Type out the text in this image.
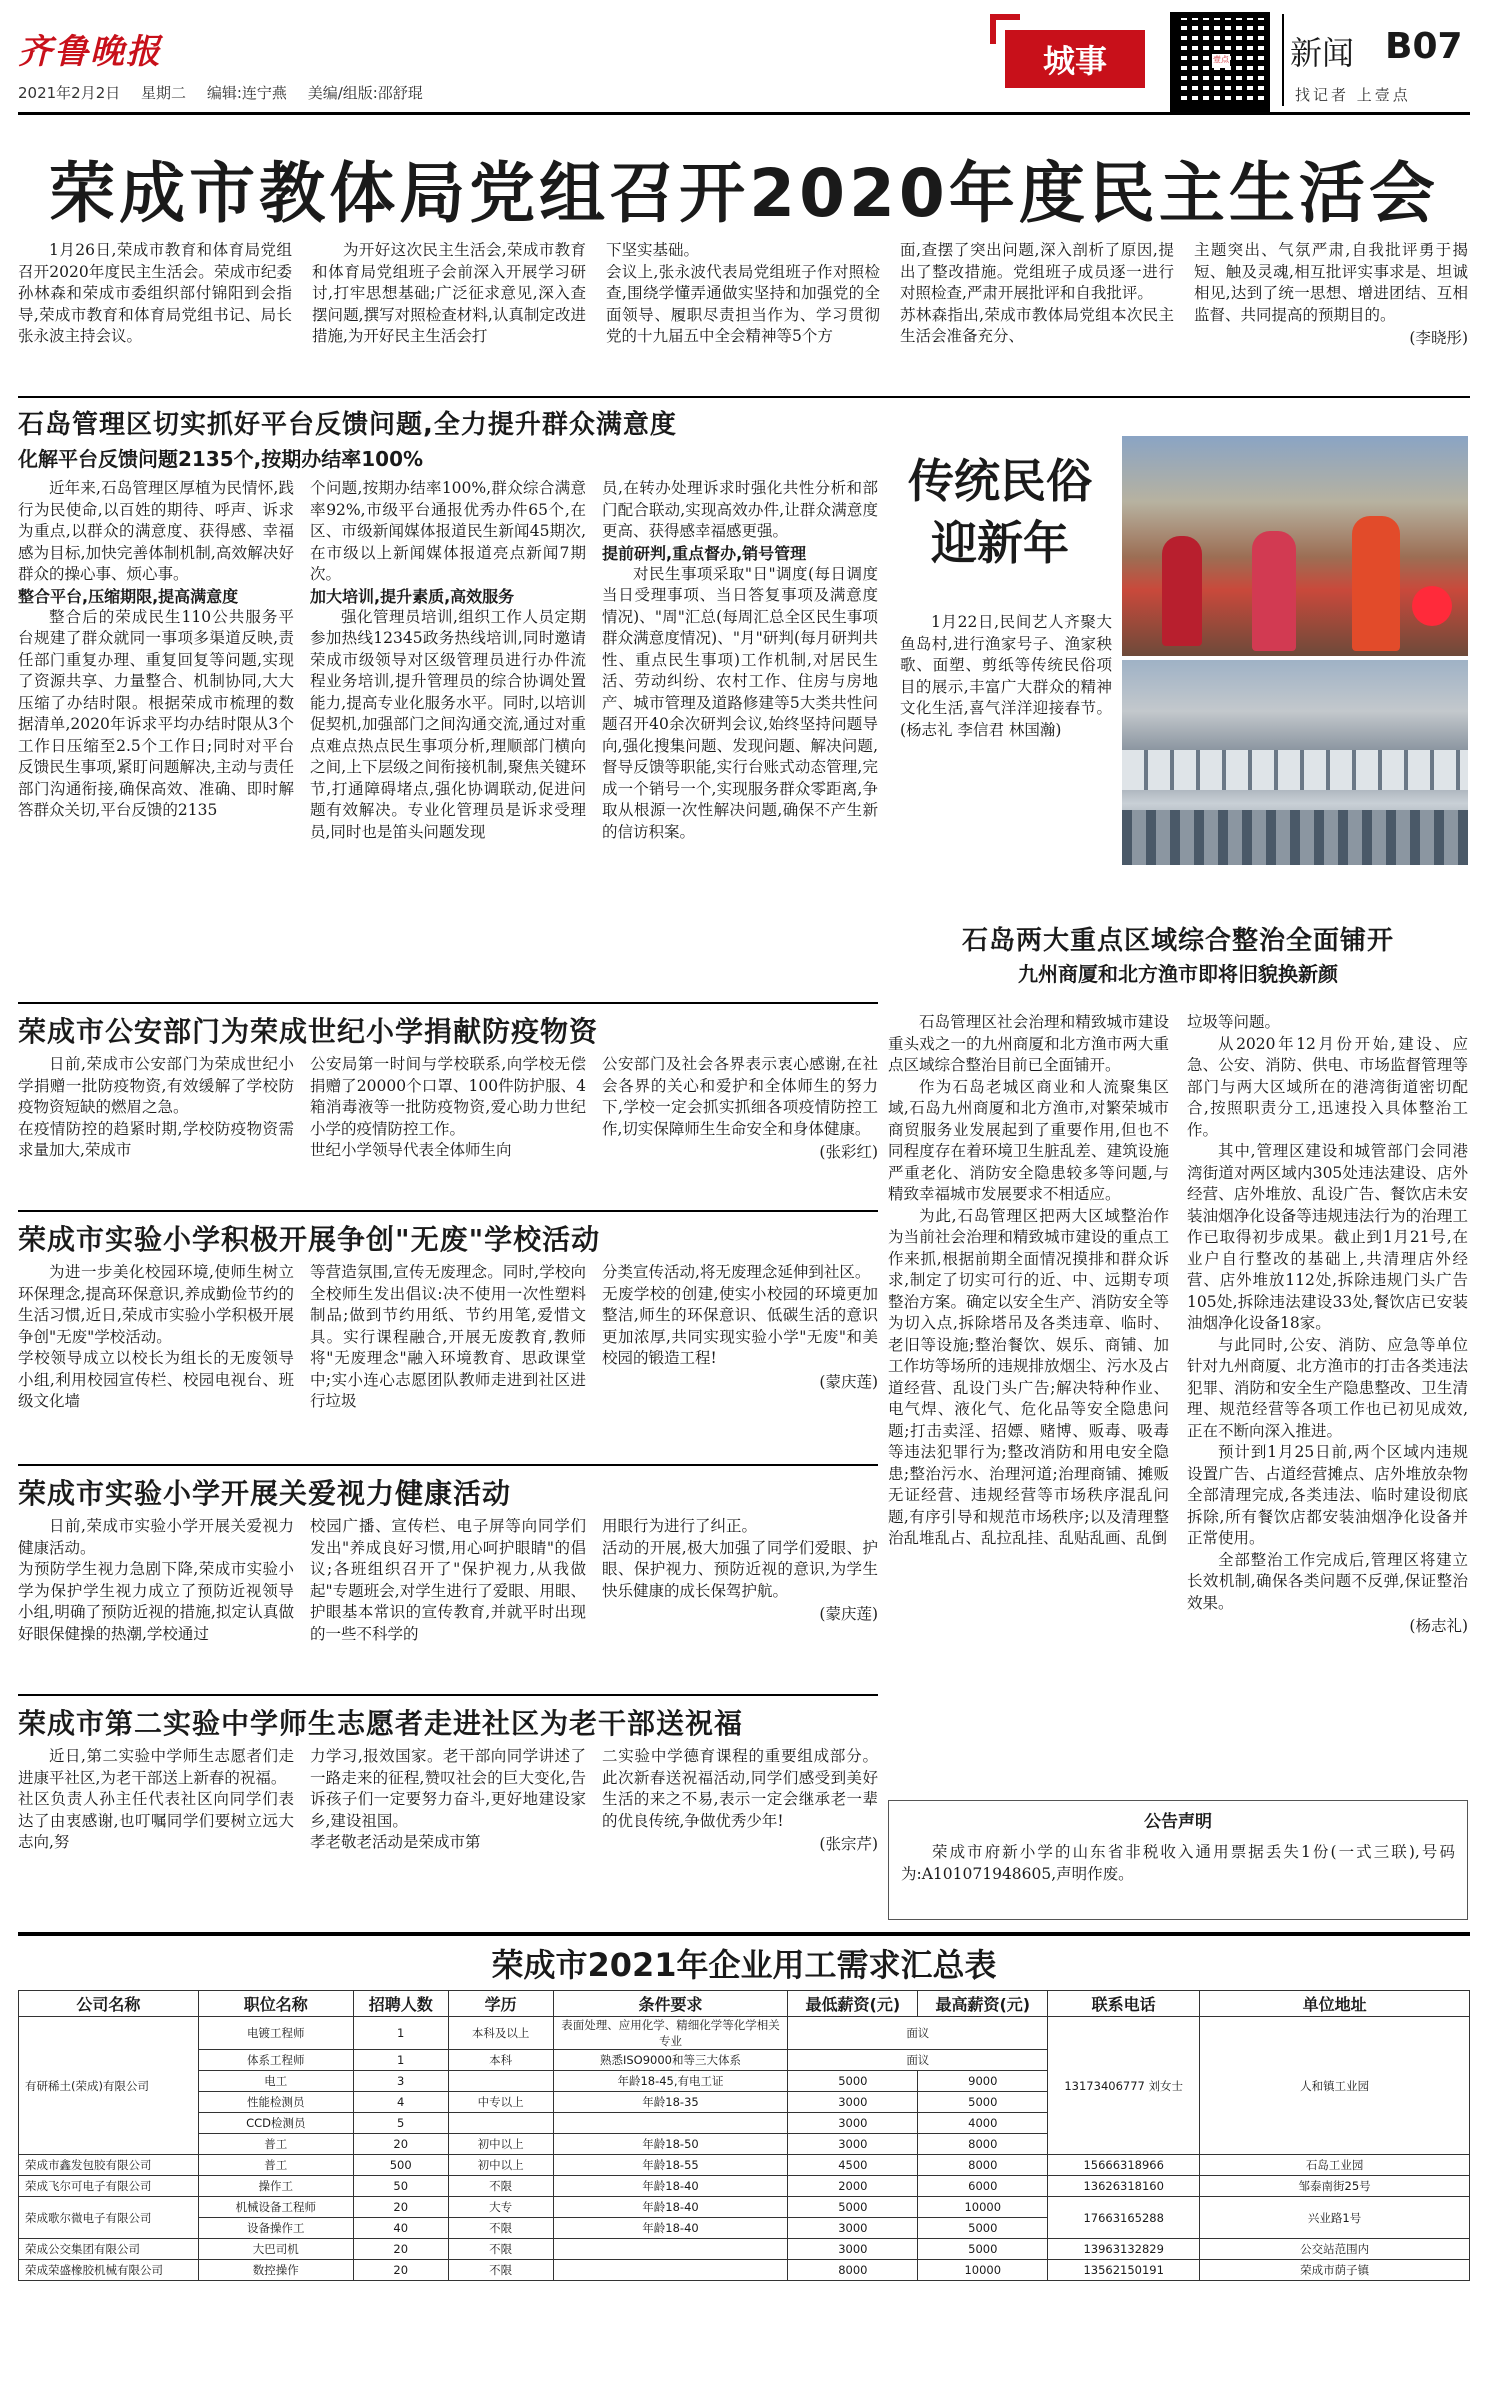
齐鲁晚报
2021年2月2日 星期二 编辑:连宁燕 美编/组版:邵舒琨
城事	壹点 新闻 B07
找记者 上壹点
荣成市教体局党组召开2020年度民主生活会
1月26日,荣成市教育和体育局党组召开2020年度民主生活会。荣成市纪委孙林森和荣成市委组织部付锦阳到会指导,荣成市教育和体育局党组书记、局长张永波主持会议。
为开好这次民主生活会,荣成市教育和体育局党组班子会前深入开展学习研讨,打牢思想基础;广泛征求意见,深入查摆问题,撰写对照检查材料,认真制定改进措施,为开好民主生活会打
下坚实基础。
会议上,张永波代表局党组班子作对照检查,围绕学懂弄通做实坚持和加强党的全面领导、履职尽责担当作为、学习贯彻党的十九届五中全会精神等5个方
面,查摆了突出问题,深入剖析了原因,提出了整改措施。党组班子成员逐一进行对照检查,严肃开展批评和自我批评。
苏林森指出,荣成市教体局党组本次民主生活会准备充分、
主题突出、气氛严肃,自我批评勇于揭短、触及灵魂,相互批评实事求是、坦诚相见,达到了统一思想、增进团结、互相监督、共同提高的预期目的。
(李晓彤)
石岛管理区切实抓好平台反馈问题,全力提升群众满意度
化解平台反馈问题2135个,按期办结率100%

近年来,石岛管理区厚植为民情怀,践行为民使命,以百姓的期待、呼声、诉求为重点,以群众的满意度、获得感、幸福感为目标,加快完善体制机制,高效解决好群众的操心事、烦心事。

整合平台,压缩期限,提高满意度

整合后的荣成民生110公共服务平台规建了群众就同一事项多渠道反映,责任部门重复办理、重复回复等问题,实现了资源共享、力量整合、机制协同,大大压缩了办结时限。根据荣成市梳理的数据清单,2020年诉求平均办结时限从3个工作日压缩至2.5个工作日;同时对平台反馈民生事项,紧盯问题解决,主动与责任部门沟通衔接,确保高效、准确、即时解答群众关切,平台反馈的2135

个问题,按期办结率100%,群众综合满意率92%,市级平台通报优秀办件65个,在区、市级新闻媒体报道民生新闻45期次,在市级以上新闻媒体报道亮点新闻7期次。

加大培训,提升素质,高效服务

强化管理员培训,组织工作人员定期参加热线12345政务热线培训,同时邀请荣成市级领导对区级管理员进行办件流程业务培训,提升管理员的综合协调处置能力,提高专业化服务水平。同时,以培训促契机,加强部门之间沟通交流,通过对重点难点热点民生事项分析,理顺部门横向之间,上下层级之间衔接机制,聚焦关键环节,打通障碍堵点,强化协调联动,促进问题有效解决。专业化管理员是诉求受理员,同时也是笛头问题发现

员,在转办处理诉求时强化共性分析和部门配合联动,实现高效办件,让群众满意度更高、获得感幸福感更强。

提前研判,重点督办,销号管理

对民生事项采取"日"调度(每日调度当日受理事项、当日答复事项及满意度情况)、"周"汇总(每周汇总全区民生事项群众满意度情况)、"月"研判(每月研判共性、重点民生事项)工作机制,对居民生活、劳动纠纷、农村工作、住房与房地产、城市管理及道路修建等5大类共性问题召开40余次研判会议,始终坚持问题导向,强化搜集问题、发现问题、解决问题,督导反馈等职能,实行台账式动态管理,完成一个销号一个,实现服务群众零距离,争取从根源一次性解决问题,确保不产生新的信访积案。

传统民俗
迎新年
1月22日,民间艺人齐聚大鱼岛村,进行渔家号子、渔家秧歌、面塑、剪纸等传统民俗项目的展示,丰富广大群众的精神文化生活,喜气洋洋迎接春节。(杨志礼 李信君 林国瀚)
石岛两大重点区域综合整治全面铺开
九州商厦和北方渔市即将旧貌换新颜

石岛管理区社会治理和精致城市建设重头戏之一的九州商厦和北方渔市两大重点区域综合整治目前已全面铺开。

作为石岛老城区商业和人流聚集区域,石岛九州商厦和北方渔市,对繁荣城市商贸服务业发展起到了重要作用,但也不同程度存在着环境卫生脏乱差、建筑设施严重老化、消防安全隐患较多等问题,与精致幸福城市发展要求不相适应。

为此,石岛管理区把两大区域整治作为当前社会治理和精致城市建设的重点工作来抓,根据前期全面情况摸排和群众诉求,制定了切实可行的近、中、远期专项整治方案。确定以安全生产、消防安全等为切入点,拆除塔吊及各类违章、临时、老旧等设施;整治餐饮、娱乐、商铺、加工作坊等场所的违规排放烟尘、污水及占道经营、乱设门头广告;解决特种作业、电气焊、液化气、危化品等安全隐患问题;打击卖淫、招嫖、赌博、贩毒、吸毒等违法犯罪行为;整改消防和用电安全隐患;整治污水、治理河道;治理商铺、摊贩无证经营、违规经营等市场秩序混乱问题,有序引导和规范市场秩序;以及清理整治乱堆乱占、乱拉乱挂、乱贴乱画、乱倒

垃圾等问题。

从2020年12月份开始,建设、应急、公安、消防、供电、市场监督管理等部门与两大区域所在的港湾街道密切配合,按照职责分工,迅速投入具体整治工作。

其中,管理区建设和城管部门会同港湾街道对两区域内305处违法建设、店外经营、店外堆放、乱设广告、餐饮店未安装油烟净化设备等违规违法行为的治理工作已取得初步成果。截止到1月21号,在业户自行整改的基础上,共清理店外经营、店外堆放112处,拆除违规门头广告105处,拆除违法建设33处,餐饮店已安装油烟净化设备18家。

与此同时,公安、消防、应急等单位针对九州商厦、北方渔市的打击各类违法犯罪、消防和安全生产隐患整改、卫生清理、规范经营等各项工作也已初见成效,正在不断向深入推进。

预计到1月25日前,两个区域内违规设置广告、占道经营摊点、店外堆放杂物全部清理完成,各类违法、临时建设彻底拆除,所有餐饮店都安装油烟净化设备并正常使用。

全部整治工作完成后,管理区将建立长效机制,确保各类问题不反弹,保证整治效果。

(杨志礼)
荣成市公安部门为荣成世纪小学捐献防疫物资
日前,荣成市公安部门为荣成世纪小学捐赠一批防疫物资,有效缓解了学校防疫物资短缺的燃眉之急。
在疫情防控的趋紧时期,学校防疫物资需求量加大,荣成市
公安局第一时间与学校联系,向学校无偿捐赠了20000个口罩、100件防护服、4箱消毒液等一批防疫物资,爱心助力世纪小学的疫情防控工作。
世纪小学领导代表全体师生向
公安部门及社会各界表示衷心感谢,在社会各界的关心和爱护和全体师生的努力下,学校一定会抓实抓细各项疫情防控工作,切实保障师生生命安全和身体健康。
(张彩红)
荣成市实验小学积极开展争创"无废"学校活动
为进一步美化校园环境,使师生树立环保理念,提高环保意识,养成勤俭节约的生活习惯,近日,荣成市实验小学积极开展争创"无废"学校活动。
学校领导成立以校长为组长的无废领导小组,利用校园宣传栏、校园电视台、班级文化墙
等营造氛围,宣传无废理念。同时,学校向全校师生发出倡议:决不使用一次性塑料制品;做到节约用纸、节约用笔,爱惜文具。实行课程融合,开展无废教育,教师将"无废理念"融入环境教育、思政课堂中;实小连心志愿团队教师走进到社区进行垃圾
分类宣传活动,将无废理念延伸到社区。
无废学校的创建,使实小校园的环境更加整洁,师生的环保意识、低碳生活的意识更加浓厚,共同实现实验小学"无废"和美校园的锻造工程!
(蒙庆莲)
荣成市实验小学开展关爱视力健康活动
日前,荣成市实验小学开展关爱视力健康活动。
为预防学生视力急剧下降,荣成市实验小学为保护学生视力成立了预防近视领导小组,明确了预防近视的措施,拟定认真做好眼保健操的热潮,学校通过
校园广播、宣传栏、电子屏等向同学们发出"养成良好习惯,用心呵护眼睛"的倡议;各班组织召开了"保护视力,从我做起"专题班会,对学生进行了爱眼、用眼、护眼基本常识的宣传教育,并就平时出现的一些不科学的
用眼行为进行了纠正。
活动的开展,极大加强了同学们爱眼、护眼、保护视力、预防近视的意识,为学生快乐健康的成长保驾护航。
(蒙庆莲)
荣成市第二实验中学师生志愿者走进社区为老干部送祝福
近日,第二实验中学师生志愿者们走进康平社区,为老干部送上新春的祝福。
社区负责人孙主任代表社区向同学们表达了由衷感谢,也叮嘱同学们要树立远大志向,努
力学习,报效国家。老干部向同学讲述了一路走来的征程,赞叹社会的巨大变化,告诉孩子们一定要努力奋斗,更好地建设家乡,建设祖国。
孝老敬老活动是荣成市第
二实验中学德育课程的重要组成部分。此次新春送祝福活动,同学们感受到美好生活的来之不易,表示一定会继承老一辈的优良传统,争做优秀少年!
(张宗芹)
公告声明
荣成市府新小学的山东省非税收入通用票据丢失1份(一式三联),号码为:A101071948605,声明作废。
荣成市2021年企业用工需求汇总表
公司名称	职位名称	招聘人数	学历	条件要求	最低薪资(元)	最高薪资(元)	联系电话	单位地址
有研稀土(荣成)有限公司	电镀工程师	1	本科及以上	表面处理、应用化学、精细化学等化学相关专业	面议		13173406777 刘女士	人和镇工业园
	体系工程师	1	本科	熟悉ISO9000和等三大体系	面议			
	电工	3		年龄18-45,有电工证	5000	9000		
	性能检测员	4	中专以上	年龄18-35	3000	5000		
	CCD检测员	5			3000	4000		
	普工	20	初中以上	年龄18-50	3000	8000		
荣成市鑫发包胶有限公司	普工	500	初中以上	年龄18-55	4500	8000	15666318966	石岛工业园
荣成飞尔可电子有限公司	操作工	50	不限	年龄18-40	2000	6000	13626318160	邹泰南街25号
荣成歌尔微电子有限公司	机械设备工程师	20	大专	年龄18-40	5000	10000	17663165288	兴业路1号
	设备操作工	40	不限	年龄18-40	3000	5000		
荣成公交集团有限公司	大巴司机	20	不限		3000	5000	13963132829	公交站范围内
荣成荣盛橡胶机械有限公司	数控操作	20	不限		8000	10000	13562150191	荣成市荫子镇
